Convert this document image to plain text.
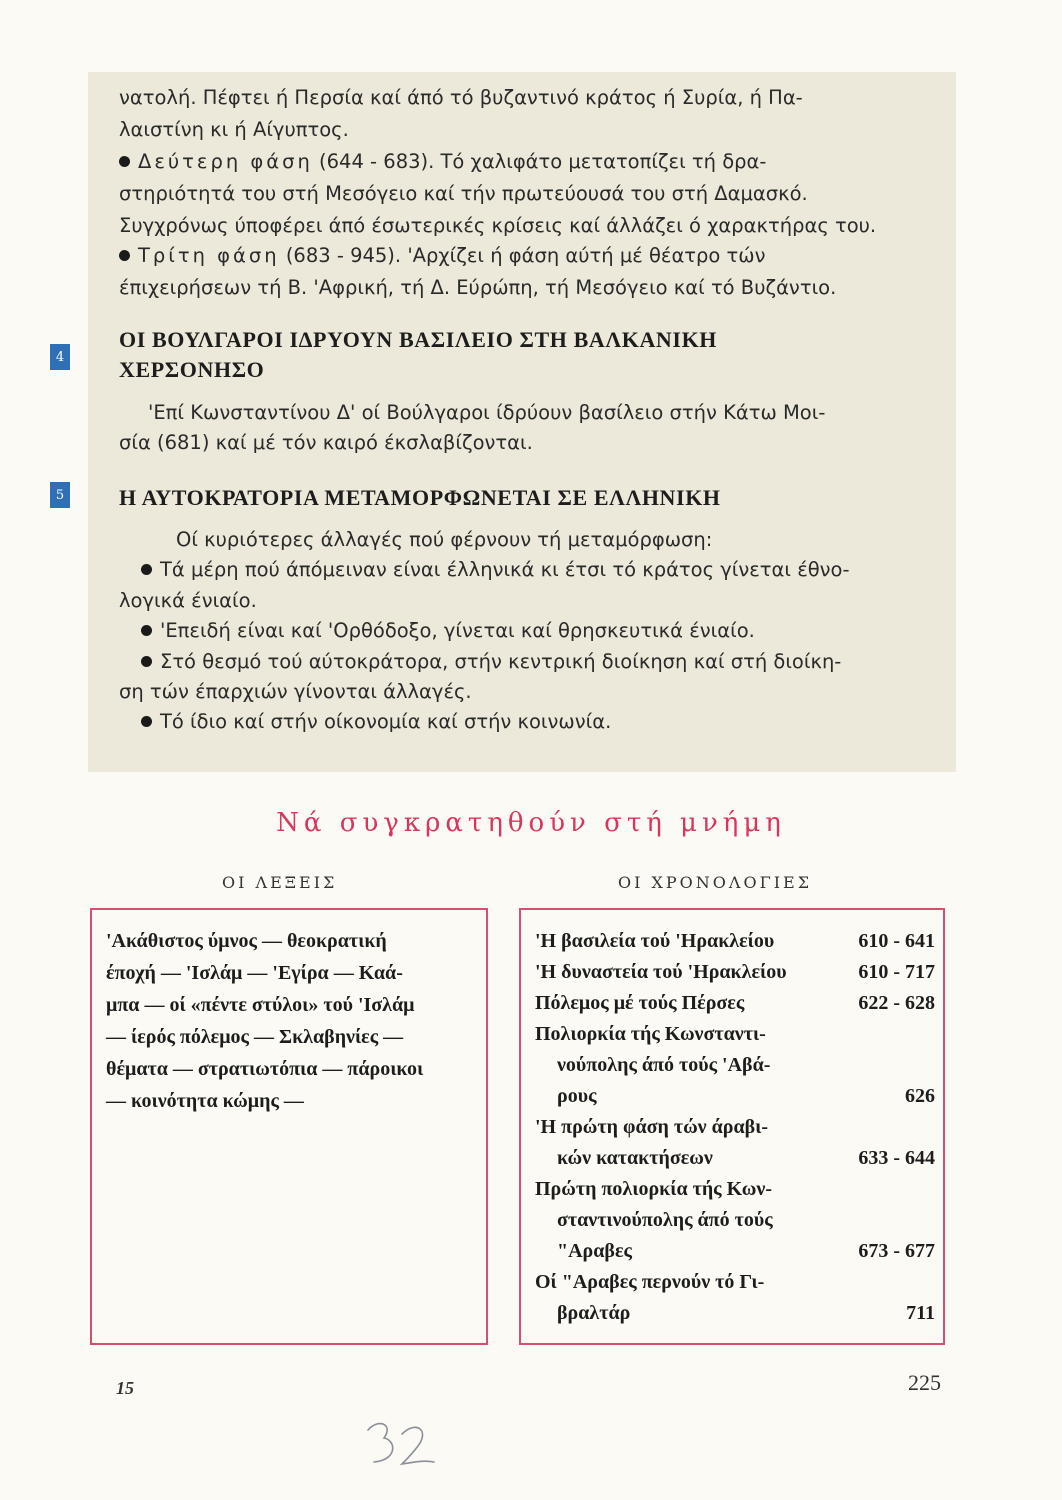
νατολή. Πέφτει ή Περσία καί άπό τό βυζαντινό κράτος ή Συρία, ή Πα-
λαιστίνη κι ή Αίγυπτος.
Δεύτερη φάση (644 - 683). Τό χαλιφάτο μετατοπίζει τή δρα-
στηριότητά του στή Μεσόγειο καί τήν πρωτεύουσά του στή Δαμασκό.
Συγχρόνως ύποφέρει άπό έσωτερικές κρίσεις καί άλλάζει ό χαρακτήρας του.
Τρίτη φάση (683 - 945). 'Αρχίζει ή φάση αύτή μέ θέατρο τών
έπιχειρήσεων τή Β. 'Αφρική, τή Δ. Εύρώπη, τή Μεσόγειο καί τό Βυζάντιο.
4
ΟΙ ΒΟΥΛΓΑΡΟΙ ΙΔΡΥΟΥΝ ΒΑΣΙΛΕΙΟ ΣΤΗ ΒΑΛΚΑΝΙΚΗ
ΧΕΡΣΟΝΗΣΟ
'Επί Κωνσταντίνου Δ' οί Βούλγαροι ίδρύουν βασίλειο στήν Κάτω Μοι-
σία (681) καί μέ τόν καιρό έκσλαβίζονται.
5 Η ΑΥΤΟΚΡΑΤΟΡΙΑ ΜΕΤΑΜΟΡΦΩΝΕΤΑΙ ΣΕ ΕΛΛΗΝΙΚΗ
Οί κυριότερες άλλαγές πού φέρνουν τή μεταμόρφωση:
Τά μέρη πού άπόμειναν είναι έλληνικά κι έτσι τό κράτος γίνεται έθνο-
λογικά ένιαίο.
'Επειδή είναι καί 'Ορθόδοξο, γίνεται καί θρησκευτικά ένιαίο.
Στό θεσμό τού αύτοκράτορα, στήν κεντρική διοίκηση καί στή διοίκη-
ση τών έπαρχιών γίνονται άλλαγές.
Τό ίδιο καί στήν οίκονομία καί στήν κοινωνία.
Νά συγκρατηθούν στή μνήμη
ΟΙ ΛΕΞΕΙΣ	ΟΙ ΧΡΟΝΟΛΟΓΙΕΣ
'Ακάθιστος ύμνος — θεοκρατική
έποχή — 'Ισλάμ — 'Εγίρα — Καά-
μπα — οί «πέντε στύλοι» τού 'Ισλάμ
— ίερός πόλεμος — Σκλαβηνίες —
θέματα — στρατιωτόπια — πάροικοι
— κοινότητα κώμης —
'Η βασιλεία τού 'Ηρακλείου	610 - 641
'Η δυναστεία τού 'Ηρακλείου	610 - 717
Πόλεμος μέ τούς Πέρσες	622 - 628
Πολιορκία τής Κωνσταντι-
νούπολης άπό τούς 'Αβά-
ρους	626
'Η πρώτη φάση τών άραβι-
κών κατακτήσεων	633 - 644
Πρώτη πολιορκία τής Κων-
σταντινούπολης άπό τούς
"Αραβες	673 - 677
Οί "Αραβες περνούν τό Γι-
βραλτάρ	711
15	225
